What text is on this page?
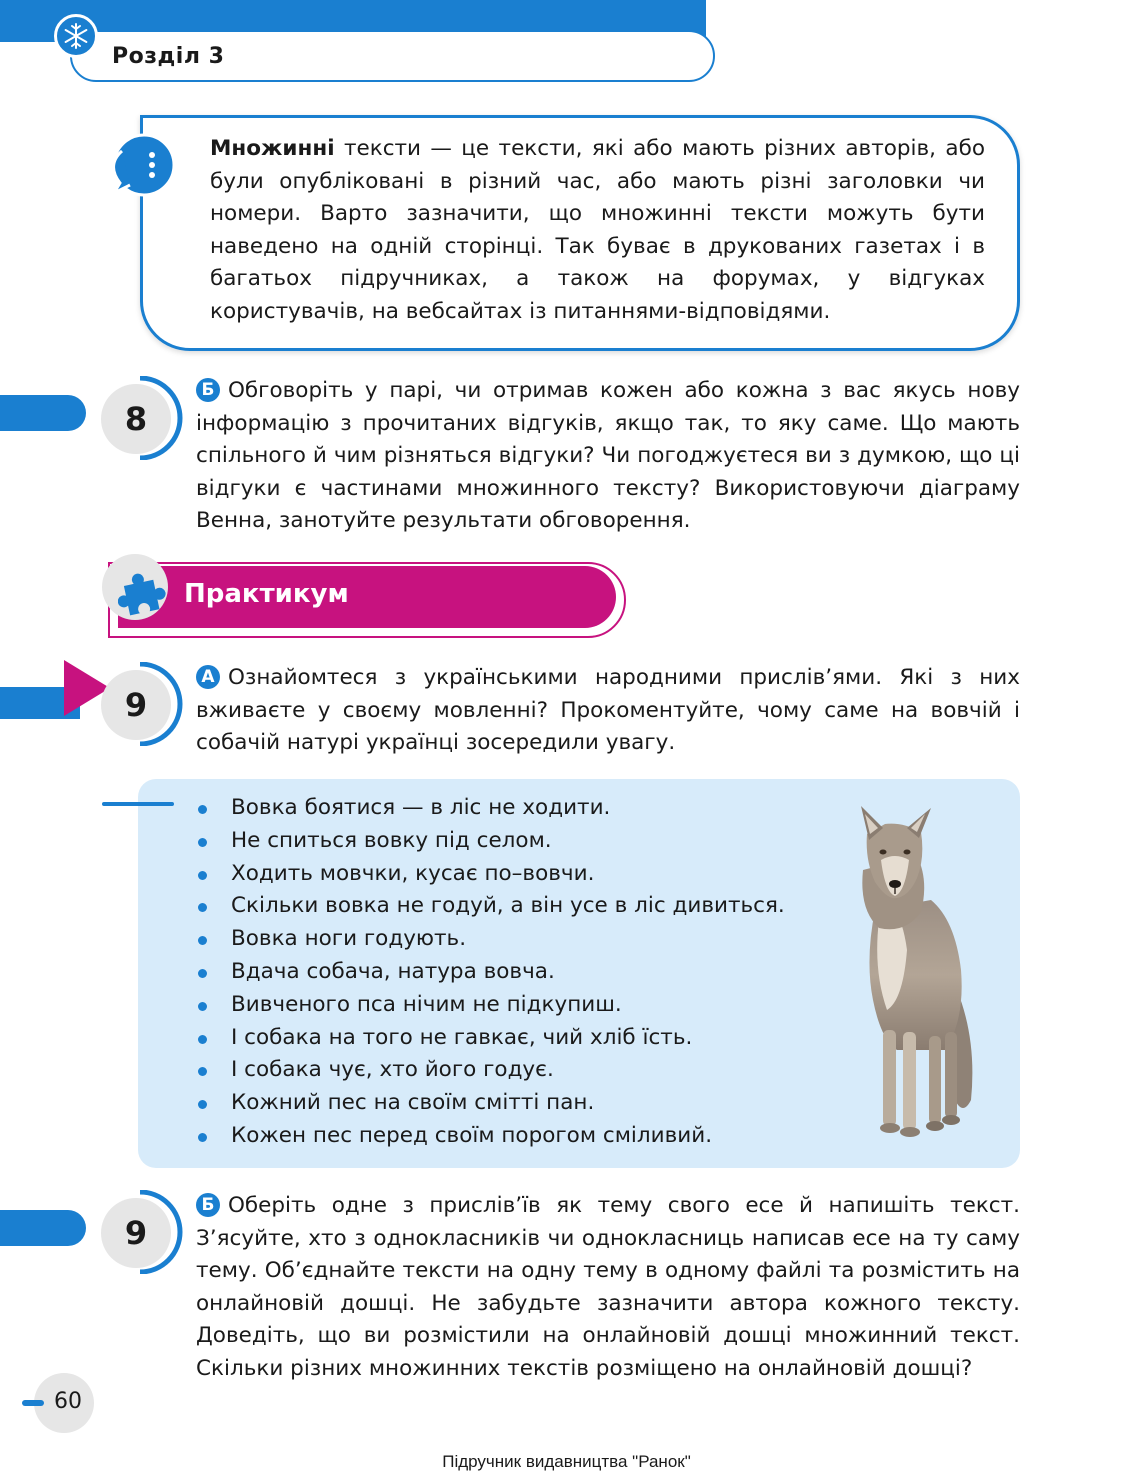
Розділ 3

Множинні тексти — це тексти, які або мають різних авторів, або були опубліковані в різний час, або мають різні заголовки чи номери. Варто зазначити, що множинні тексти можуть бути наведено на одній сторінці. Так буває в друкованих газетах і в багатьох підручниках, а також на форумах, у відгуках користувачів, на вебсайтах із питаннями-відповідями.

8

Б Обговоріть у парі, чи отримав кожен або кожна з вас якусь нову інформацію з прочитаних відгуків, якщо так, то яку саме. Що мають спільного й чим різняться відгуки? Чи погоджуєтеся ви з думкою, що ці відгуки є частинами множинного тексту? Використовуючи діаграму Венна, занотуйте результати обговорення.

Практикум
9

А Ознайомтеся з українськими народними прислів’ями. Які з них вживаєте у своєму мовленні? Прокоментуйте, чому саме на вовчій і собачій натурі українці зосередили увагу.

Вовка боятися — в ліс не ходити.
Не спиться вовку під селом.
Ходить мовчки, кусає по–вовчи.
Скільки вовка не годуй, а він усе в ліс дивиться.
Вовка ноги годують.
Вдача собача, натура вовча.
Вивченого пса нічим не підкупиш.
І собака на того не гавкає, чий хліб їсть.
І собака чує, хто його годує.
Кожний пес на своїм смітті пан.
Кожен пес перед своїм порогом сміливий.
9

Б Оберіть одне з прислів’їв як тему свого есе й напишіть текст. З’ясуйте, хто з однокласників чи однокласниць написав есе на ту саму тему. Об’єднайте тексти на одну тему в одному файлі та розмістить на онлайновій дошці. Не забудьте зазначити автора кожного тексту. Доведіть, що ви розмістили на онлайновій дошці множинний текст. Скільки різних множинних текстів розміщено на онлайновій дошці?

60
Підручник видавництва "Ранок"
